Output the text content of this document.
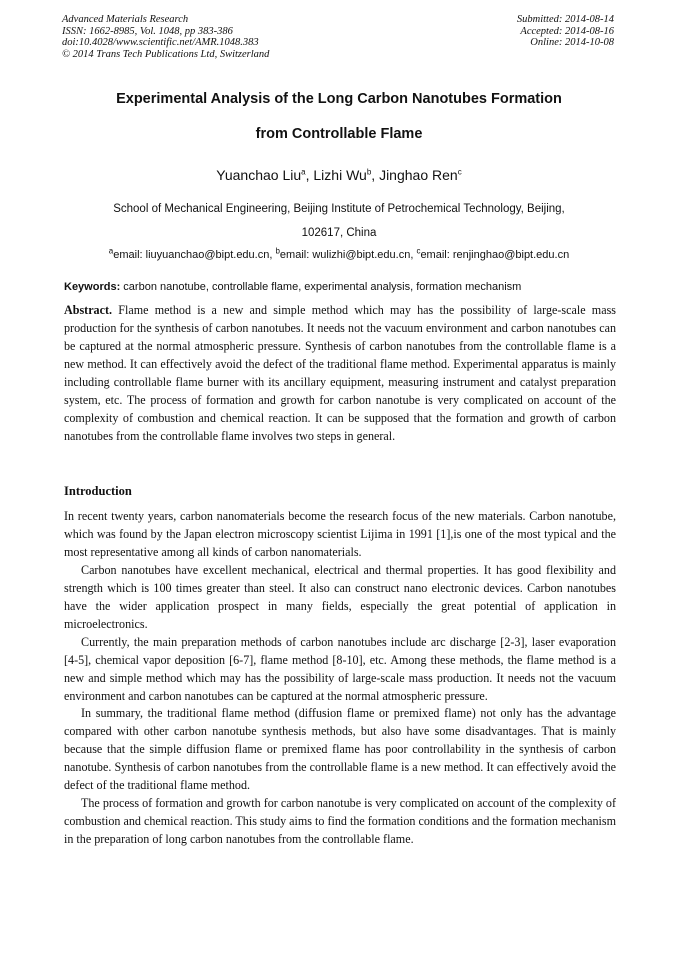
Advanced Materials Research
ISSN: 1662-8985, Vol. 1048, pp 383-386
doi:10.4028/www.scientific.net/AMR.1048.383
© 2014 Trans Tech Publications Ltd, Switzerland
Submitted: 2014-08-14
Accepted: 2014-08-16
Online: 2014-10-08
Experimental Analysis of the Long Carbon Nanotubes Formation
from Controllable Flame
Yuanchao Liu$^a$, Lizhi Wu$^b$, Jinghao Ren$^c$
School of Mechanical Engineering, Beijing Institute of Petrochemical Technology, Beijing,
102617, China
$^a$email: liuyuanchao@bipt.edu.cn, $^b$email: wulizhi@bipt.edu.cn, $^c$email: renjinghao@bipt.edu.cn
Keywords: carbon nanotube, controllable flame, experimental analysis, formation mechanism

Abstract. Flame method is a new and simple method which may has the possibility of large-scale mass production for the synthesis of carbon nanotubes. It needs not the vacuum environment and carbon nanotubes can be captured at the normal atmospheric pressure. Synthesis of carbon nanotubes from the controllable flame is a new method. It can effectively avoid the defect of the traditional flame method. Experimental apparatus is mainly including controllable flame burner with its ancillary equipment, measuring instrument and catalyst preparation system, etc. The process of formation and growth for carbon nanotube is very complicated on account of the complexity of combustion and chemical reaction. It can be supposed that the formation and growth of carbon nanotubes from the controllable flame involves two steps in general.

Introduction

In recent twenty years, carbon nanomaterials become the research focus of the new materials. Carbon nanotube, which was found by the Japan electron microscopy scientist Lijima in 1991 [1],is one of the most typical and the most representative among all kinds of carbon nanomaterials.

Carbon nanotubes have excellent mechanical, electrical and thermal properties. It has good flexibility and strength which is 100 times greater than steel. It also can construct nano electronic devices. Carbon nanotubes have the wider application prospect in many fields, especially the great potential of application in microelectronics.

Currently, the main preparation methods of carbon nanotubes include arc discharge [2-3], laser evaporation [4-5], chemical vapor deposition [6-7], flame method [8-10], etc. Among these methods, the flame method is a new and simple method which may has the possibility of large-scale mass production. It needs not the vacuum environment and carbon nanotubes can be captured at the normal atmospheric pressure.

In summary, the traditional flame method (diffusion flame or premixed flame) not only has the advantage compared with other carbon nanotube synthesis methods, but also have some disadvantages. That is mainly because that the simple diffusion flame or premixed flame has poor controllability in the synthesis of carbon nanotube. Synthesis of carbon nanotubes from the controllable flame is a new method. It can effectively avoid the defect of the traditional flame method.

The process of formation and growth for carbon nanotube is very complicated on account of the complexity of combustion and chemical reaction. This study aims to find the formation conditions and the formation mechanism in the preparation of long carbon nanotubes from the controllable flame.
